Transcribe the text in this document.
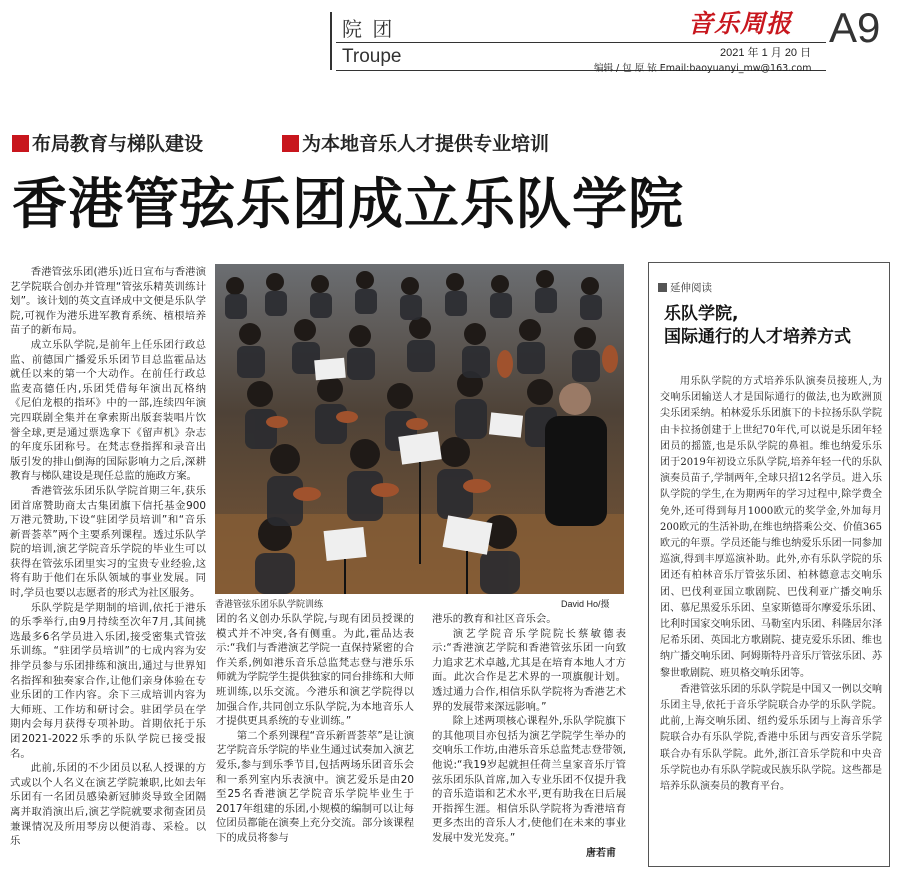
院 团
Troupe
音乐周报
2021 年 1 月 20 日
编辑 / 包 原 铱 Email:baoyuanyi_mw@163.com
A9
布局教育与梯队建设	为本地音乐人才提供专业培训
香港管弦乐团成立乐队学院

香港管弦乐团(港乐)近日宣布与香港演艺学院联合创办并管理“管弦乐精英训练计划”。该计划的英文直译成中文便是乐队学院,可视作为港乐进军教育系统、植根培养苗子的新布局。

成立乐队学院,是前年上任乐团行政总监、前德国广播爱乐乐团节目总监霍品达就任以来的第一个大动作。在前任行政总监麦高德任内,乐团凭借每年演出瓦格纳《尼伯龙根的指环》中的一部,连续四年演完四联剧全集并在拿索斯出版套装唱片饮誉全球,更是通过票选拿下《留声机》杂志的年度乐团称号。在梵志登指挥和录音出版引发的排山倒海的国际影响力之后,深耕教育与梯队建设是现任总监的施政方案。

香港管弦乐团乐队学院首期三年,获乐团首席赞助商太古集团旗下信托基金900万港元赞助,下设“驻团学员培训”和“音乐新晋荟萃”两个主要系列课程。透过乐队学院的培训,演艺学院音乐学院的毕业生可以获得在管弦乐团里实习的宝贵专业经验,这将有助于他们在乐队领域的事业发展。同时,学员也要以志愿者的形式为社区服务。

乐队学院是学期制的培训,依托于港乐的乐季举行,由9月持续至次年7月,其间挑选最多6名学员进入乐团,接受密集式管弦乐训练。“驻团学员培训”的七成内容为安排学员参与乐团排练和演出,通过与世界知名指挥和独奏家合作,让他们亲身体验在专业乐团的工作内容。余下三成培训内容为大师班、工作坊和研讨会。驻团学员在学期内会每月获得专项补助。首期依托于乐团2021-2022乐季的乐队学院已接受报名。

此前,乐团的不少团员以私人授课的方式或以个人名义在演艺学院兼职,比如去年乐团有一名团员感染新冠肺炎导致全团隔离并取消演出后,演艺学院就要求彻查团员兼课情况及所用琴房以便消毒、采检。以乐

香港管弦乐团乐队学院训练	David Ho/摄

团的名义创办乐队学院,与现有团员授课的模式并不冲突,各有侧重。为此,霍品达表示:“我们与香港演艺学院一直保持紧密的合作关系,例如港乐音乐总监梵志登与港乐乐师就为学院学生提供独家的同台排练和大师班训练,以乐交流。今港乐和演艺学院得以加强合作,共同创立乐队学院,为本地音乐人才提供更具系统的专业训练。”

第二个系列课程“音乐新晋荟萃”是让演艺学院音乐学院的毕业生通过试奏加入演艺爱乐,参与到乐季节目,包括两场乐团音乐会和一系列室内乐表演中。演艺爱乐是由20至25名香港演艺学院音乐学院毕业生于2017年组建的乐团,小规模的编制可以让每位团员都能在演奏上充分交流。部分该课程下的成员将参与

港乐的教育和社区音乐会。

演艺学院音乐学院院长蔡敏德表示:“香港演艺学院和香港管弦乐团一向致力追求艺术卓越,尤其是在培育本地人才方面。此次合作是艺术界的一项旗舰计划。透过通力合作,相信乐队学院将为香港艺术界的发展带来深远影响。”

除上述两项核心课程外,乐队学院旗下的其他项目亦包括为演艺学院学生举办的交响乐工作坊,由港乐音乐总监梵志登带领,他说:“我19岁起就担任荷兰皇家音乐厅管弦乐团乐队首席,加入专业乐团不仅提升我的音乐造诣和艺术水平,更有助我在日后展开指挥生涯。相信乐队学院将为香港培育更多杰出的音乐人才,使他们在未来的事业发展中发光发亮。”

唐若甫
延伸阅读
乐队学院,
国际通行的人才培养方式

用乐队学院的方式培养乐队演奏员接班人,为交响乐团输送人才是国际通行的做法,也为欧洲顶尖乐团采纳。柏林爱乐乐团旗下的卡拉扬乐队学院由卡拉扬创建于上世纪70年代,可以说是乐团年轻团员的摇篮,也是乐队学院的鼻祖。维也纳爱乐乐团于2019年初设立乐队学院,培养年轻一代的乐队演奏员苗子,学制两年,全球只招12名学员。进入乐队学院的学生,在为期两年的学习过程中,除学费全免外,还可得到每月1000欧元的奖学金,外加每月200欧元的生活补助,在维也纳搭乘公交、价值365欧元的年票。学员还能与维也纳爱乐乐团一同参加巡演,得到丰厚巡演补助。此外,亦有乐队学院的乐团还有柏林音乐厅管弦乐团、柏林德意志交响乐团、巴伐利亚国立歌剧院、巴伐利亚广播交响乐团、慕尼黑爱乐乐团、皇家斯德哥尔摩爱乐乐团、比利时国家交响乐团、马勒室内乐团、科隆居尔泽尼希乐团、英国北方歌剧院、捷克爱乐乐团、维也纳广播交响乐团、阿姆斯特丹音乐厅管弦乐团、苏黎世歌剧院、班贝格交响乐团等。

香港管弦乐团的乐队学院是中国又一例以交响乐团主导,依托于音乐学院联合办学的乐队学院。此前,上海交响乐团、纽约爱乐乐团与上海音乐学院联合办有乐队学院,香港中乐团与西安音乐学院联合办有乐队学院。此外,浙江音乐学院和中央音乐学院也办有乐队学院或民族乐队学院。这些都是培养乐队演奏员的教育平台。
